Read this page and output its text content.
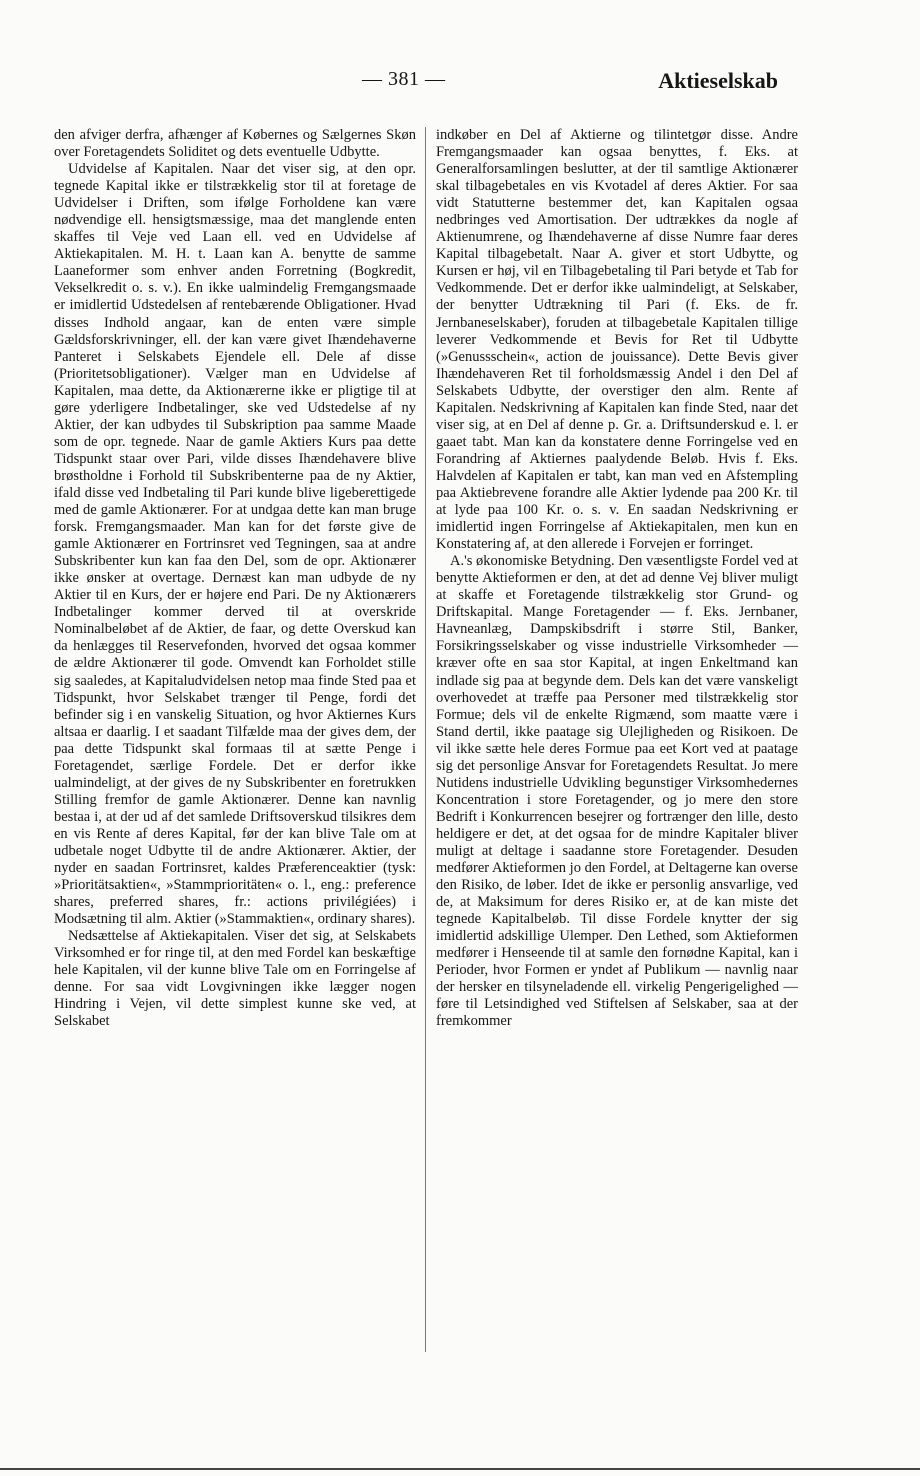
— 381 —	Aktieselskab

den afviger derfra, afhænger af Købernes og Sælgernes Skøn over Foretagendets Soliditet og dets eventuelle Udbytte.

Udvidelse af Kapitalen. Naar det viser sig, at den opr. tegnede Kapital ikke er tilstrækkelig stor til at foretage de Udvidelser i Driften, som ifølge Forholdene kan være nødvendige ell. hensigtsmæssige, maa det manglende enten skaffes til Veje ved Laan ell. ved en Udvidelse af Aktiekapitalen. M. H. t. Laan kan A. benytte de samme Laaneformer som enhver anden Forretning (Bogkredit, Vekselkredit o. s. v.). En ikke ualmindelig Fremgangsmaade er imidlertid Udstedelsen af rentebærende Obligationer. Hvad disses Indhold angaar, kan de enten være simple Gældsforskrivninger, ell. der kan være givet Ihændehaverne Panteret i Selskabets Ejendele ell. Dele af disse (Prioritetsobligationer). Vælger man en Udvidelse af Kapitalen, maa dette, da Aktionærerne ikke er pligtige til at gøre yderligere Indbetalinger, ske ved Udstedelse af ny Aktier, der kan udbydes til Subskription paa samme Maade som de opr. tegnede. Naar de gamle Aktiers Kurs paa dette Tidspunkt staar over Pari, vilde disses Ihændehavere blive brøstholdne i Forhold til Subskribenterne paa de ny Aktier, ifald disse ved Indbetaling til Pari kunde blive ligeberettigede med de gamle Aktionærer. For at undgaa dette kan man bruge forsk. Fremgangsmaader. Man kan for det første give de gamle Aktionærer en Fortrinsret ved Tegningen, saa at andre Subskribenter kun kan faa den Del, som de opr. Aktionærer ikke ønsker at overtage. Dernæst kan man udbyde de ny Aktier til en Kurs, der er højere end Pari. De ny Aktionærers Indbetalinger kommer derved til at overskride Nominalbeløbet af de Aktier, de faar, og dette Overskud kan da henlægges til Reservefonden, hvorved det ogsaa kommer de ældre Aktionærer til gode. Omvendt kan Forholdet stille sig saaledes, at Kapitaludvidelsen netop maa finde Sted paa et Tidspunkt, hvor Selskabet trænger til Penge, fordi det befinder sig i en vanskelig Situation, og hvor Aktiernes Kurs altsaa er daarlig. I et saadant Tilfælde maa der gives dem, der paa dette Tidspunkt skal formaas til at sætte Penge i Foretagendet, særlige Fordele. Det er derfor ikke ualmindeligt, at der gives de ny Subskribenter en foretrukken Stilling fremfor de gamle Aktionærer. Denne kan navnlig bestaa i, at der ud af det samlede Driftsoverskud tilsikres dem en vis Rente af deres Kapital, før der kan blive Tale om at udbetale noget Udbytte til de andre Aktionærer. Aktier, der nyder en saadan Fortrinsret, kaldes Præferenceaktier (tysk: »Prioritätsaktien«, »Stammprioritäten« o. l., eng.: preference shares, preferred shares, fr.: actions privilégiées) i Modsætning til alm. Aktier (»Stammaktien«, ordinary shares).

Nedsættelse af Aktiekapitalen. Viser det sig, at Selskabets Virksomhed er for ringe til, at den med Fordel kan beskæftige hele Kapitalen, vil der kunne blive Tale om en Forringelse af denne. For saa vidt Lovgivningen ikke lægger nogen Hindring i Vejen, vil dette simplest kunne ske ved, at Selskabet

indkøber en Del af Aktierne og tilintetgør disse. Andre Fremgangsmaader kan ogsaa benyttes, f. Eks. at Generalforsamlingen beslutter, at der til samtlige Aktionærer skal tilbagebetales en vis Kvotadel af deres Aktier. For saa vidt Statutterne bestemmer det, kan Kapitalen ogsaa nedbringes ved Amortisation. Der udtrækkes da nogle af Aktienumrene, og Ihændehaverne af disse Numre faar deres Kapital tilbagebetalt. Naar A. giver et stort Udbytte, og Kursen er høj, vil en Tilbagebetaling til Pari betyde et Tab for Vedkommende. Det er derfor ikke ualmindeligt, at Selskaber, der benytter Udtrækning til Pari (f. Eks. de fr. Jernbaneselskaber), foruden at tilbagebetale Kapitalen tillige leverer Vedkommende et Bevis for Ret til Udbytte (»Genussschein«, action de jouissance). Dette Bevis giver Ihændehaveren Ret til forholdsmæssig Andel i den Del af Selskabets Udbytte, der overstiger den alm. Rente af Kapitalen. Nedskrivning af Kapitalen kan finde Sted, naar det viser sig, at en Del af denne p. Gr. a. Driftsunderskud e. l. er gaaet tabt. Man kan da konstatere denne Forringelse ved en Forandring af Aktiernes paalydende Beløb. Hvis f. Eks. Halvdelen af Kapitalen er tabt, kan man ved en Afstempling paa Aktiebrevene forandre alle Aktier lydende paa 200 Kr. til at lyde paa 100 Kr. o. s. v. En saadan Nedskrivning er imidlertid ingen Forringelse af Aktiekapitalen, men kun en Konstatering af, at den allerede i Forvejen er forringet.

A.'s økonomiske Betydning. Den væsentligste Fordel ved at benytte Aktieformen er den, at det ad denne Vej bliver muligt at skaffe et Foretagende tilstrækkelig stor Grund- og Driftskapital. Mange Foretagender — f. Eks. Jernbaner, Havneanlæg, Dampskibsdrift i større Stil, Banker, Forsikringsselskaber og visse industrielle Virksomheder — kræver ofte en saa stor Kapital, at ingen Enkeltmand kan indlade sig paa at begynde dem. Dels kan det være vanskeligt overhovedet at træffe paa Personer med tilstrækkelig stor Formue; dels vil de enkelte Rigmænd, som maatte være i Stand dertil, ikke paatage sig Ulejligheden og Risikoen. De vil ikke sætte hele deres Formue paa eet Kort ved at paatage sig det personlige Ansvar for Foretagendets Resultat. Jo mere Nutidens industrielle Udvikling begunstiger Virksomhedernes Koncentration i store Foretagender, og jo mere den store Bedrift i Konkurrencen besejrer og fortrænger den lille, desto heldigere er det, at det ogsaa for de mindre Kapitaler bliver muligt at deltage i saadanne store Foretagender. Desuden medfører Aktieformen jo den Fordel, at Deltagerne kan overse den Risiko, de løber. Idet de ikke er personlig ansvarlige, ved de, at Maksimum for deres Risiko er, at de kan miste det tegnede Kapitalbeløb. Til disse Fordele knytter der sig imidlertid adskillige Ulemper. Den Lethed, som Aktieformen medfører i Henseende til at samle den fornødne Kapital, kan i Perioder, hvor Formen er yndet af Publikum — navnlig naar der hersker en tilsyneladende ell. virkelig Pengerigelighed — føre til Letsindighed ved Stiftelsen af Selskaber, saa at der fremkommer
